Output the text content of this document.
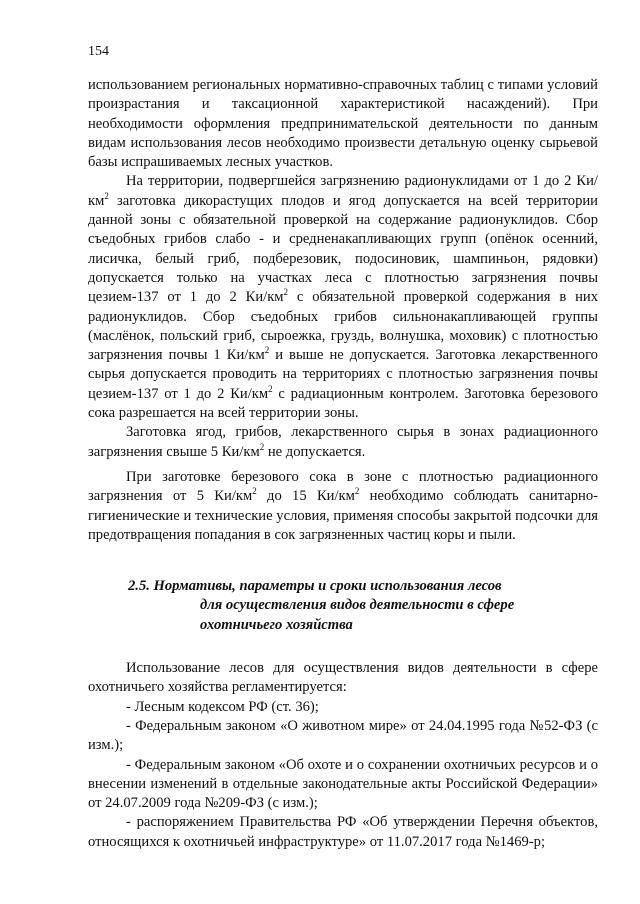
154

использованием региональных нормативно-справочных таблиц с типами условий произрастания и таксационной характеристикой насаждений). При необходимости оформления предпринимательской деятельности по данным видам использования лесов необходимо произвести детальную оценку сырьевой базы испрашиваемых лесных участков.

На территории, подвергшейся загрязнению радионуклидами от 1 до 2 $Ки/км^2$ заготовка дикорастущих плодов и ягод допускается на всей территории данной зоны с обязательной проверкой на содержание радионуклидов. Сбор съедобных грибов слабо - и средненакапливающих групп (опёнок осенний, лисичка, белый гриб, подберезовик, подосиновик, шампиньон, рядовки) допускается только на участках леса с плотностью загрязнения почвы цезием-137 от 1 до 2 $Ки/км^2$ с обязательной проверкой содержания в них радионуклидов. Сбор съедобных грибов сильнонакапливающей группы (маслёнок, польский гриб, сыроежка, груздь, волнушка, моховик) с плотностью загрязнения почвы 1 $Ки/км^2$ и выше не допускается. Заготовка лекарственного сырья допускается проводить на территориях с плотностью загрязнения почвы цезием-137 от 1 до 2 $Ки/км^2$ с радиационным контролем. Заготовка березового сока разрешается на всей территории зоны.

Заготовка ягод, грибов, лекарственного сырья в зонах радиационного загрязнения свыше 5 $Ки/км^2$ не допускается.

При заготовке березового сока в зоне с плотностью радиационного загрязнения от 5 $Ки/км^2$ до 15 $Ки/км^2$ необходимо соблюдать санитарно-гигиенические и технические условия, применяя способы закрытой подсочки для предотвращения попадания в сок загрязненных частиц коры и пыли.

2.5. Нормативы, параметры и сроки использования лесов
для осуществления видов деятельности в сфере
охотничьего хозяйства

Использование лесов для осуществления видов деятельности в сфере охотничьего хозяйства регламентируется:

- Лесным кодексом РФ (ст. 36);

- Федеральным законом «О животном мире» от 24.04.1995 года №52-ФЗ (с изм.);

- Федеральным законом «Об охоте и о сохранении охотничьих ресурсов и о внесении изменений в отдельные законодательные акты Российской Федерации» от 24.07.2009 года №209-ФЗ (с изм.);

- распоряжением Правительства РФ «Об утверждении Перечня объектов, относящихся к охотничьей инфраструктуре» от 11.07.2017 года №1469-р;
